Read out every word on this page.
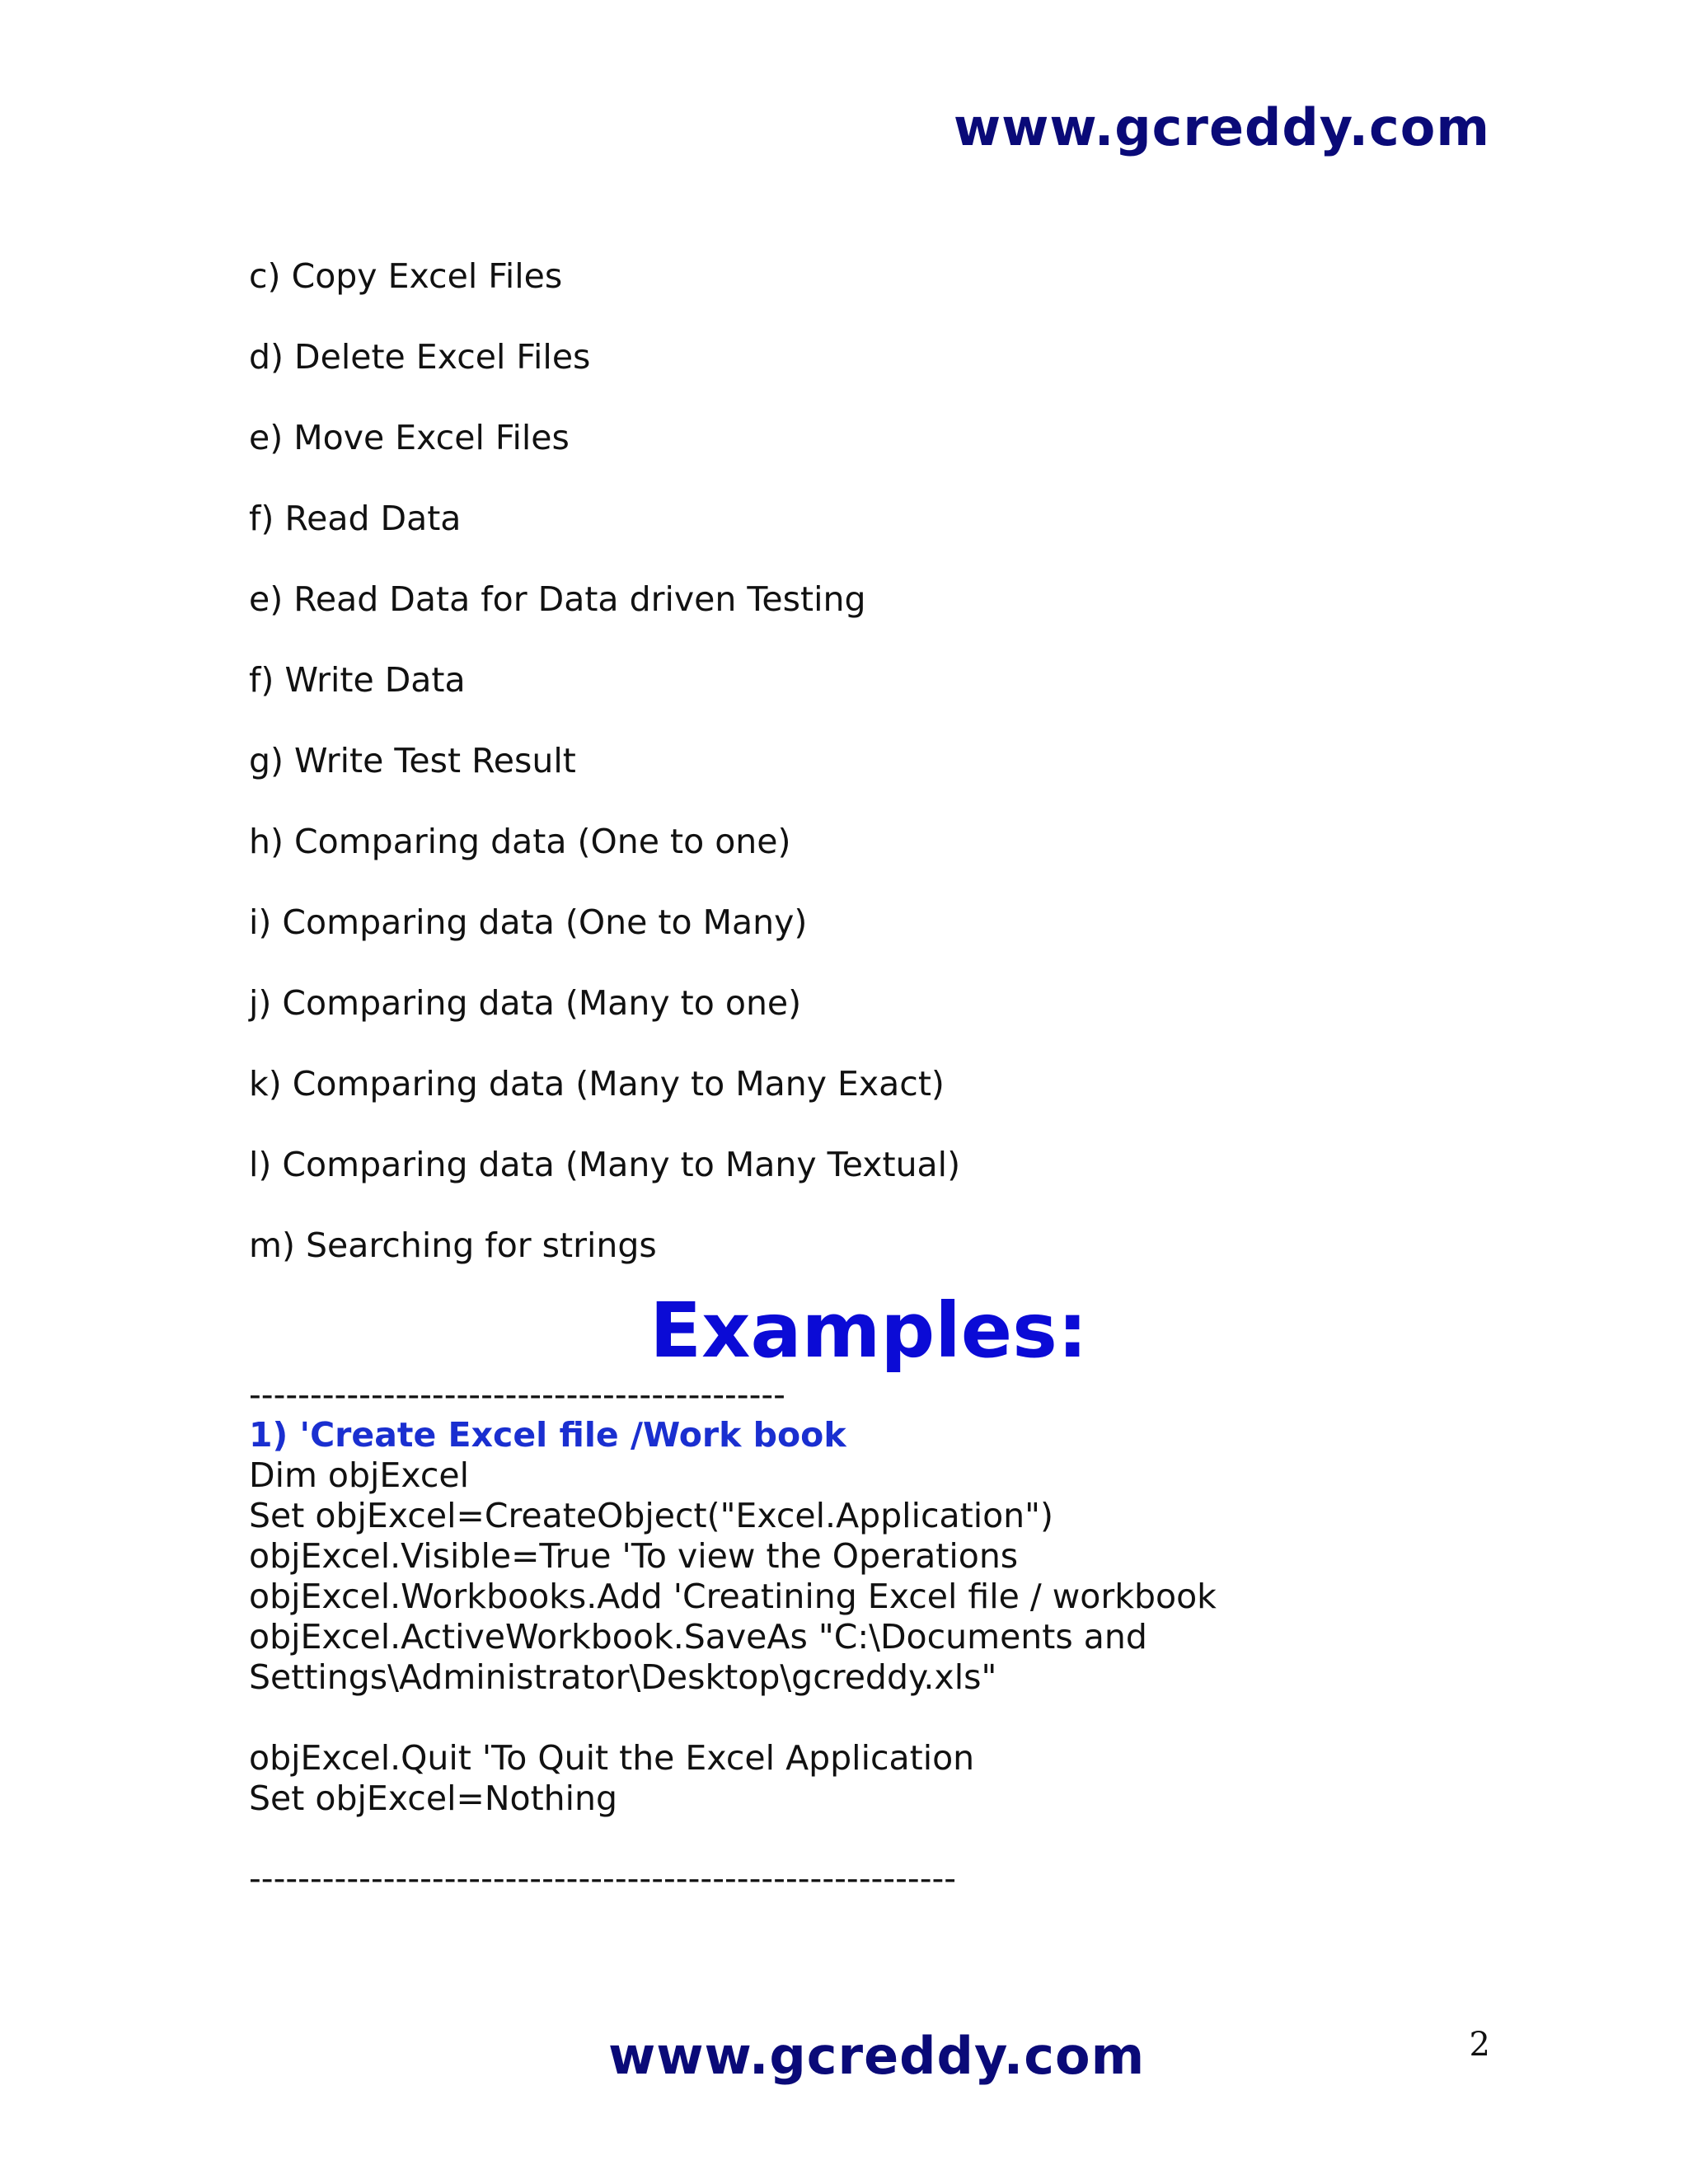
www.gcreddy.com
c) Copy Excel Files
d) Delete Excel Files
e) Move Excel Files
f) Read Data
e) Read Data for Data driven Testing
f) Write Data
g) Write Test Result
h) Comparing data (One to one)
i) Comparing data (One to Many)
j) Comparing data (Many to one)
k) Comparing data (Many to Many Exact)
l) Comparing data (Many to Many Textual)
m) Searching for strings
Examples:
--------------------------------------------
1) 'Create Excel file /Work book
Dim objExcel
Set objExcel=CreateObject("Excel.Application")
objExcel.Visible=True 'To view the Operations
objExcel.Workbooks.Add 'Creatining Excel file / workbook
objExcel.ActiveWorkbook.SaveAs "C:\Documents and
Settings\Administrator\Desktop\gcreddy.xls"
objExcel.Quit 'To Quit the Excel Application
Set objExcel=Nothing
----------------------------------------------------------
www.gcreddy.com	2
